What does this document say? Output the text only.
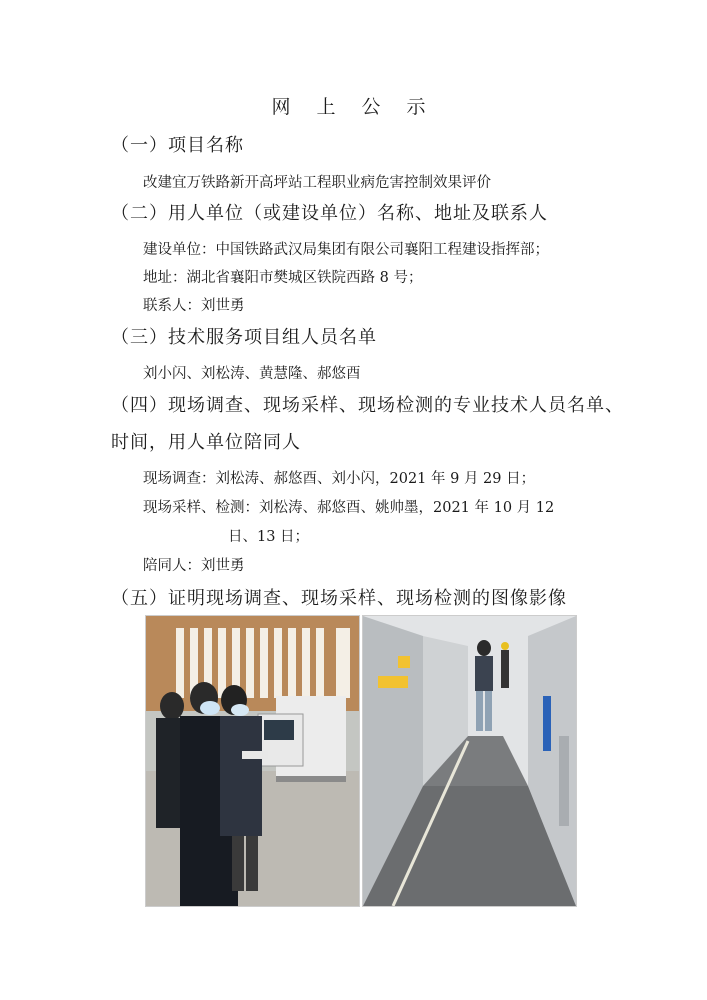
网 上 公 示
（一）项目名称
改建宜万铁路新开高坪站工程职业病危害控制效果评价
（二）用人单位（或建设单位）名称、地址及联系人
建设单位：中国铁路武汉局集团有限公司襄阳工程建设指挥部；
地址：湖北省襄阳市樊城区铁院西路 8 号；
联系人：刘世勇
（三）技术服务项目组人员名单
刘小闪、刘松涛、黄慧隆、郝悠酉
（四）现场调查、现场采样、现场检测的专业技术人员名单、
时间，用人单位陪同人
现场调查：刘松涛、郝悠酉、刘小闪，2021 年 9 月 29 日；
现场采样、检测：刘松涛、郝悠酉、姚帅墨，2021 年 10 月 12
日、13 日；
陪同人：刘世勇
（五）证明现场调查、现场采样、现场检测的图像影像
